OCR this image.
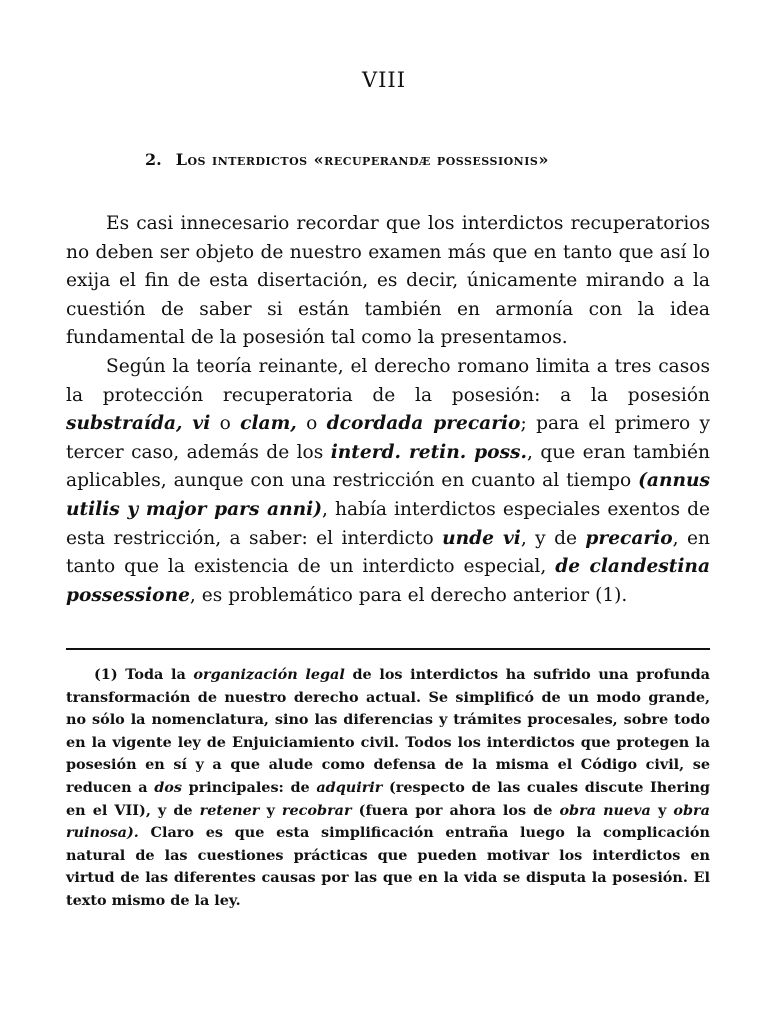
VIII
2. Los interdictos «recuperandæ possessionis»

Es casi innecesario recordar que los interdictos recuperatorios no deben ser objeto de nuestro examen más que en tanto que así lo exija el fin de esta disertación, es decir, únicamente mirando a la cuestión de saber si están también en armonía con la idea fundamental de la posesión tal como la presentamos.

Según la teoría reinante, el derecho romano limita a tres casos la protección recuperatoria de la posesión: a la posesión substraída, vi o clam, o dcordada precario; para el primero y tercer caso, además de los interd. retin. poss., que eran también aplicables, aunque con una restricción en cuanto al tiempo (annus utilis y major pars anni), había interdictos especiales exentos de esta restricción, a saber: el interdicto unde vi, y de precario, en tanto que la existencia de un interdicto especial, de clandestina possessione, es problemático para el derecho anterior (1).

(1) Toda la organización legal de los interdictos ha sufrido una profunda transformación de nuestro derecho actual. Se simplificó de un modo grande, no sólo la nomenclatura, sino las diferencias y trámites procesales, sobre todo en la vigente ley de Enjuiciamiento civil. Todos los interdictos que protegen la posesión en sí y a que alude como defensa de la misma el Código civil, se reducen a dos principales: de adquirir (respecto de las cuales discute Ihering en el VII), y de retener y recobrar (fuera por ahora los de obra nueva y obra ruinosa). Claro es que esta simplificación entraña luego la complicación natural de las cuestiones prácticas que pueden motivar los interdictos en virtud de las diferentes causas por las que en la vida se disputa la posesión. El texto mismo de la ley.
